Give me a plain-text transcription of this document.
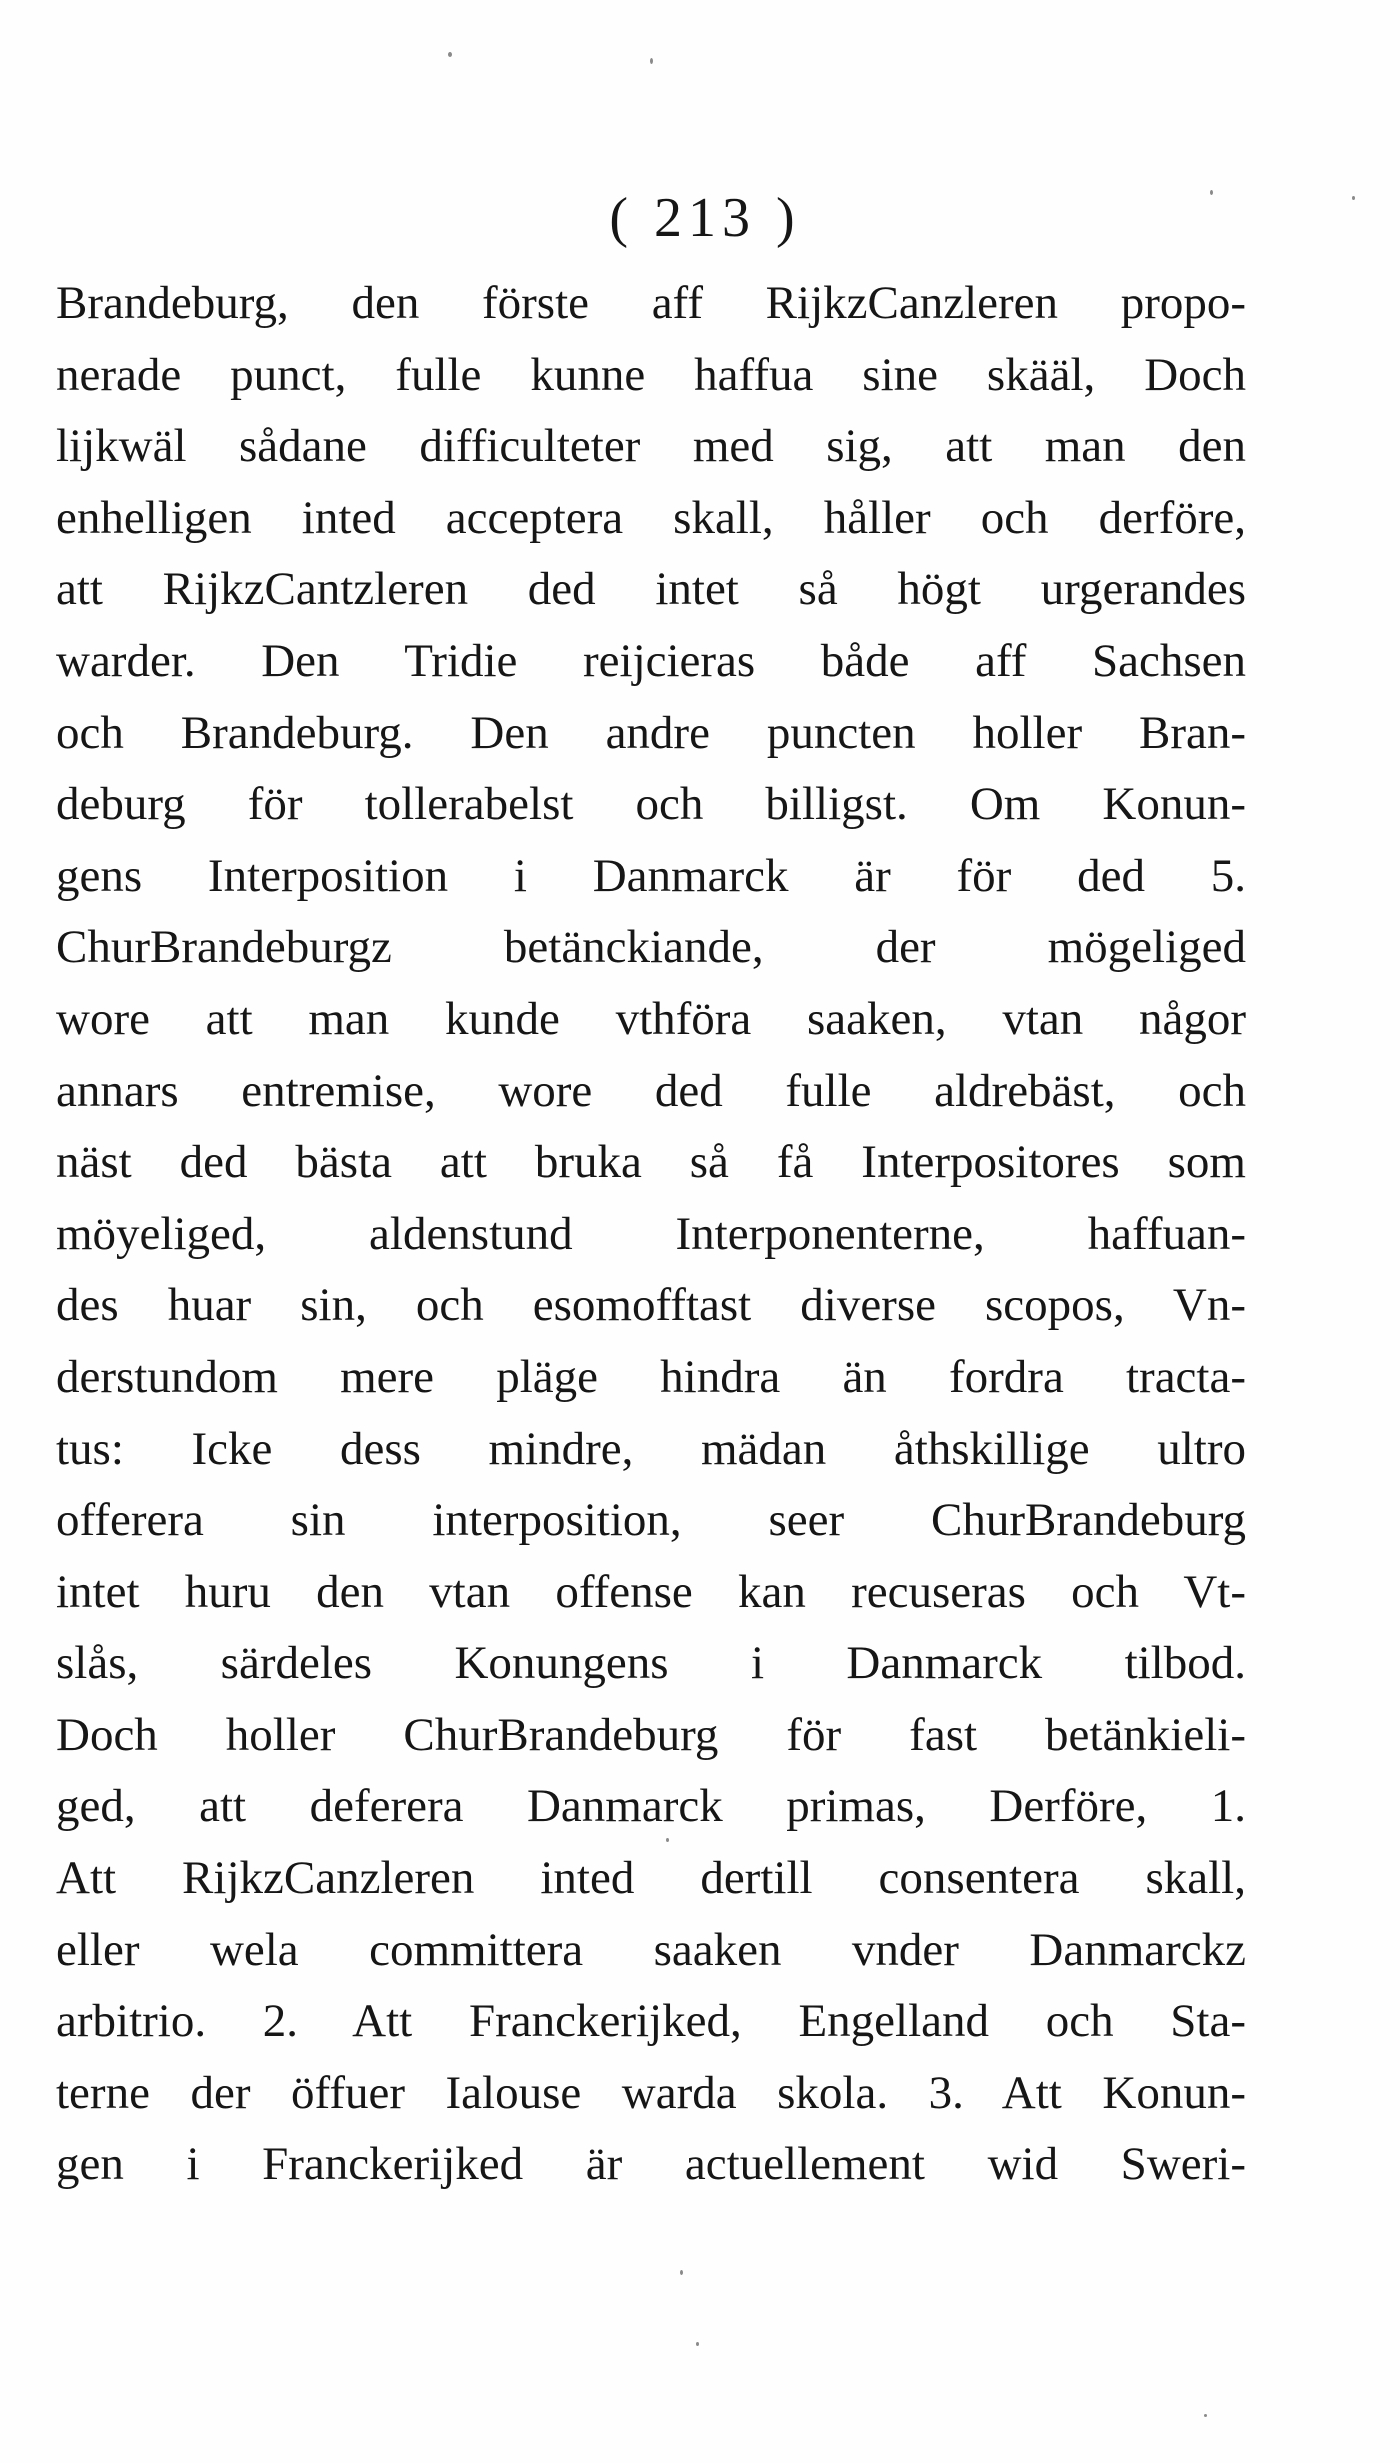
( 213 )
Brandeburg, den förste aff RijkzCanzleren propo-
nerade punct, fulle kunne haffua sine skääl, Doch
lijkwäl sådane difficulteter med sig, att man den
enhelligen inted acceptera skall, håller och derföre,
att RijkzCantzleren ded intet så högt urgerandes
warder. Den Tridie reijcieras både aff Sachsen
och Brandeburg. Den andre puncten holler Bran-
deburg för tollerabelst och billigst. Om Konun-
gens Interposition i Danmarck är för ded 5.
ChurBrandeburgz betänckiande, der mögeliged
wore att man kunde vthföra saaken, vtan någor
annars entremise, wore ded fulle aldrebäst, och
näst ded bästa att bruka så få Interpositores som
möyeliged, aldenstund Interponenterne, haffuan-
des huar sin, och esomofftast diverse scopos, Vn-
derstundom mere pläge hindra än fordra tracta-
tus: Icke dess mindre, mädan åthskillige ultro
offerera sin interposition, seer ChurBrandeburg
intet huru den vtan offense kan recuseras och Vt-
slås, särdeles Konungens i Danmarck tilbod.
Doch holler ChurBrandeburg för fast betänkieli-
ged, att deferera Danmarck primas, Derföre, 1.
Att RijkzCanzleren inted dertill consentera skall,
eller wela committera saaken vnder Danmarckz
arbitrio. 2. Att Franckerijked, Engelland och Sta-
terne der öffuer Ialouse warda skola. 3. Att Konun-
gen i Franckerijked är actuellement wid Sweri-
